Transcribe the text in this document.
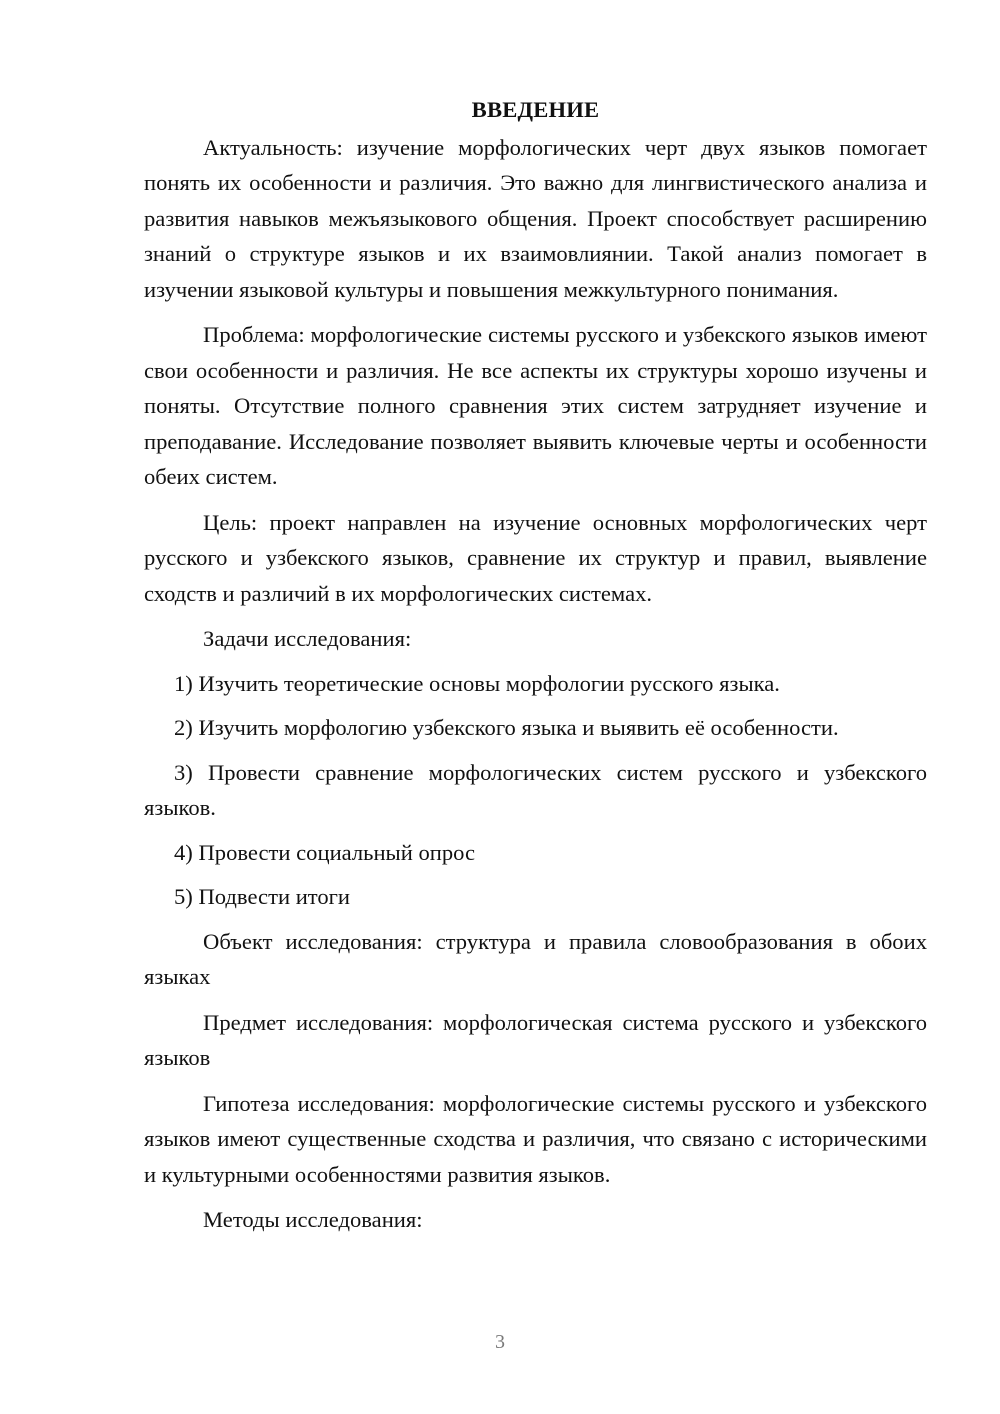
ВВЕДЕНИЕ

Актуальность: изучение морфологических черт двух языков помогает понять их особенности и различия. Это важно для лингвистического анализа и развития навыков межъязыкового общения. Проект способствует расширению знаний о структуре языков и их взаимовлиянии. Такой анализ помогает в изучении языковой культуры и повышения межкультурного понимания.

Проблема: морфологические системы русского и узбекского языков имеют свои особенности и различия. Не все аспекты их структуры хорошо изучены и поняты. Отсутствие полного сравнения этих систем затрудняет изучение и преподавание. Исследование позволяет выявить ключевые черты и особенности обеих систем.

Цель: проект направлен на изучение основных морфологических черт русского и узбекского языков, сравнение их структур и правил, выявление сходств и различий в их морфологических системах.

Задачи исследования:

1) Изучить теоретические основы морфологии русского языка.

2) Изучить морфологию узбекского языка и выявить её особенности.

3) Провести сравнение морфологических систем русского и узбекского языков.

4) Провести социальный опрос

5) Подвести итоги

Объект исследования: структура и правила словообразования в обоих языках

Предмет исследования: морфологическая система русского и узбекского языков

Гипотеза исследования: морфологические системы русского и узбекского языков имеют существенные сходства и различия, что связано с историческими и культурными особенностями развития языков.

Методы исследования:

3
